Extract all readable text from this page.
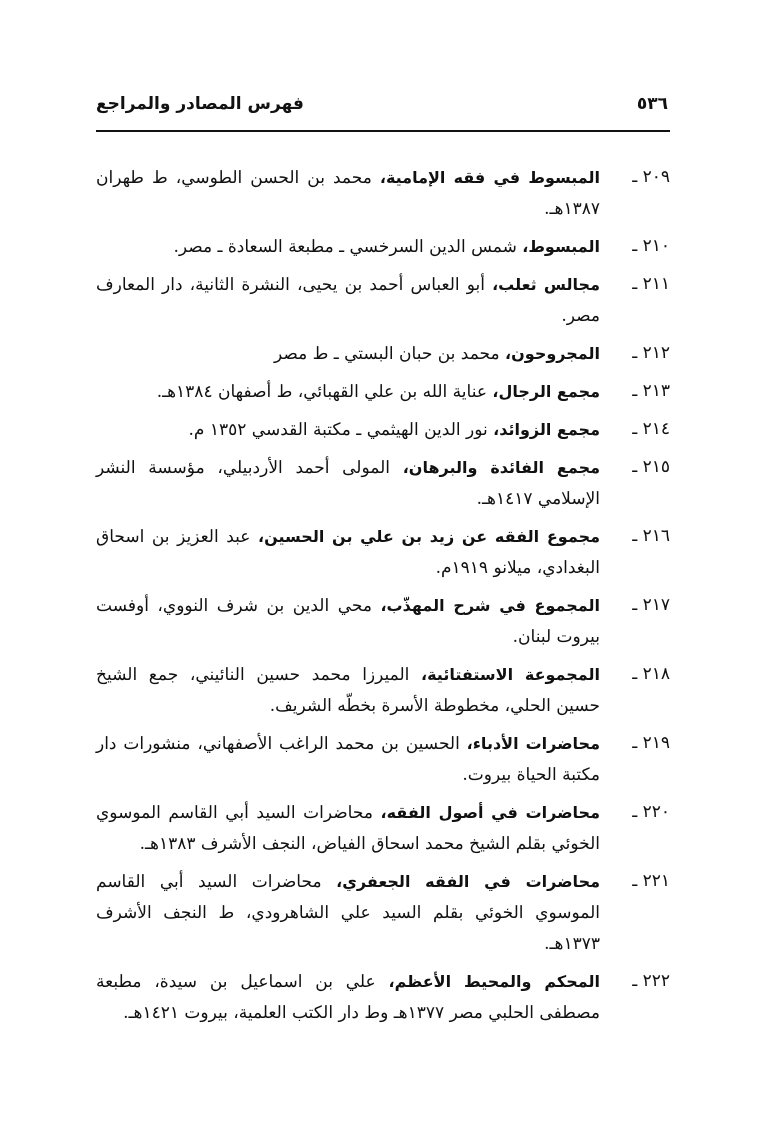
٥٣٦
فهرس المصادر والمراجع
٢٠٩ ـ
المبسوط في فقه الإمامية، محمد بن الحسن الطوسي، ط طهران ١٣٨٧هـ.
٢١٠ ـ
المبسوط، شمس الدين السرخسي ـ مطبعة السعادة ـ مصر.
٢١١ ـ
مجالس ثعلب، أبو العباس أحمد بن يحيى، النشرة الثانية، دار المعارف مصر.
٢١٢ ـ
المجروحون، محمد بن حبان البستي ـ ط مصر
٢١٣ ـ
مجمع الرجال، عناية الله بن علي القهبائي، ط أصفهان ١٣٨٤هـ.
٢١٤ ـ
مجمع الزوائد، نور الدين الهيثمي ـ مكتبة القدسي ١٣٥٢ م.
٢١٥ ـ
مجمع الفائدة والبرهان، المولى أحمد الأردبيلي، مؤسسة النشر الإسلامي ١٤١٧هـ.
٢١٦ ـ
مجموع الفقه عن زيد بن علي بن الحسين، عبد العزيز بن اسحاق البغدادي، ميلانو ١٩١٩م.
٢١٧ ـ
المجموع في شرح المهذّب، محي الدين بن شرف النووي، أوفست بيروت لبنان.
٢١٨ ـ
المجموعة الاستفتائية، الميرزا محمد حسين النائيني، جمع الشيخ حسين الحلي، مخطوطة الأسرة بخطّه الشريف.
٢١٩ ـ
محاضرات الأدباء، الحسين بن محمد الراغب الأصفهاني، منشورات دار مكتبة الحياة بيروت.
٢٢٠ ـ
محاضرات في أصول الفقه، محاضرات السيد أبي القاسم الموسوي الخوئي بقلم الشيخ محمد اسحاق الفياض، النجف الأشرف ١٣٨٣هـ.
٢٢١ ـ
محاضرات في الفقه الجعفري، محاضرات السيد أبي القاسم الموسوي الخوئي بقلم السيد علي الشاهرودي، ط النجف الأشرف ١٣٧٣هـ.
٢٢٢ ـ
المحكم والمحيط الأعظم، علي بن اسماعيل بن سيدة، مطبعة مصطفى الحلبي مصر ١٣٧٧هـ وط دار الكتب العلمية، بيروت ١٤٢١هـ.
